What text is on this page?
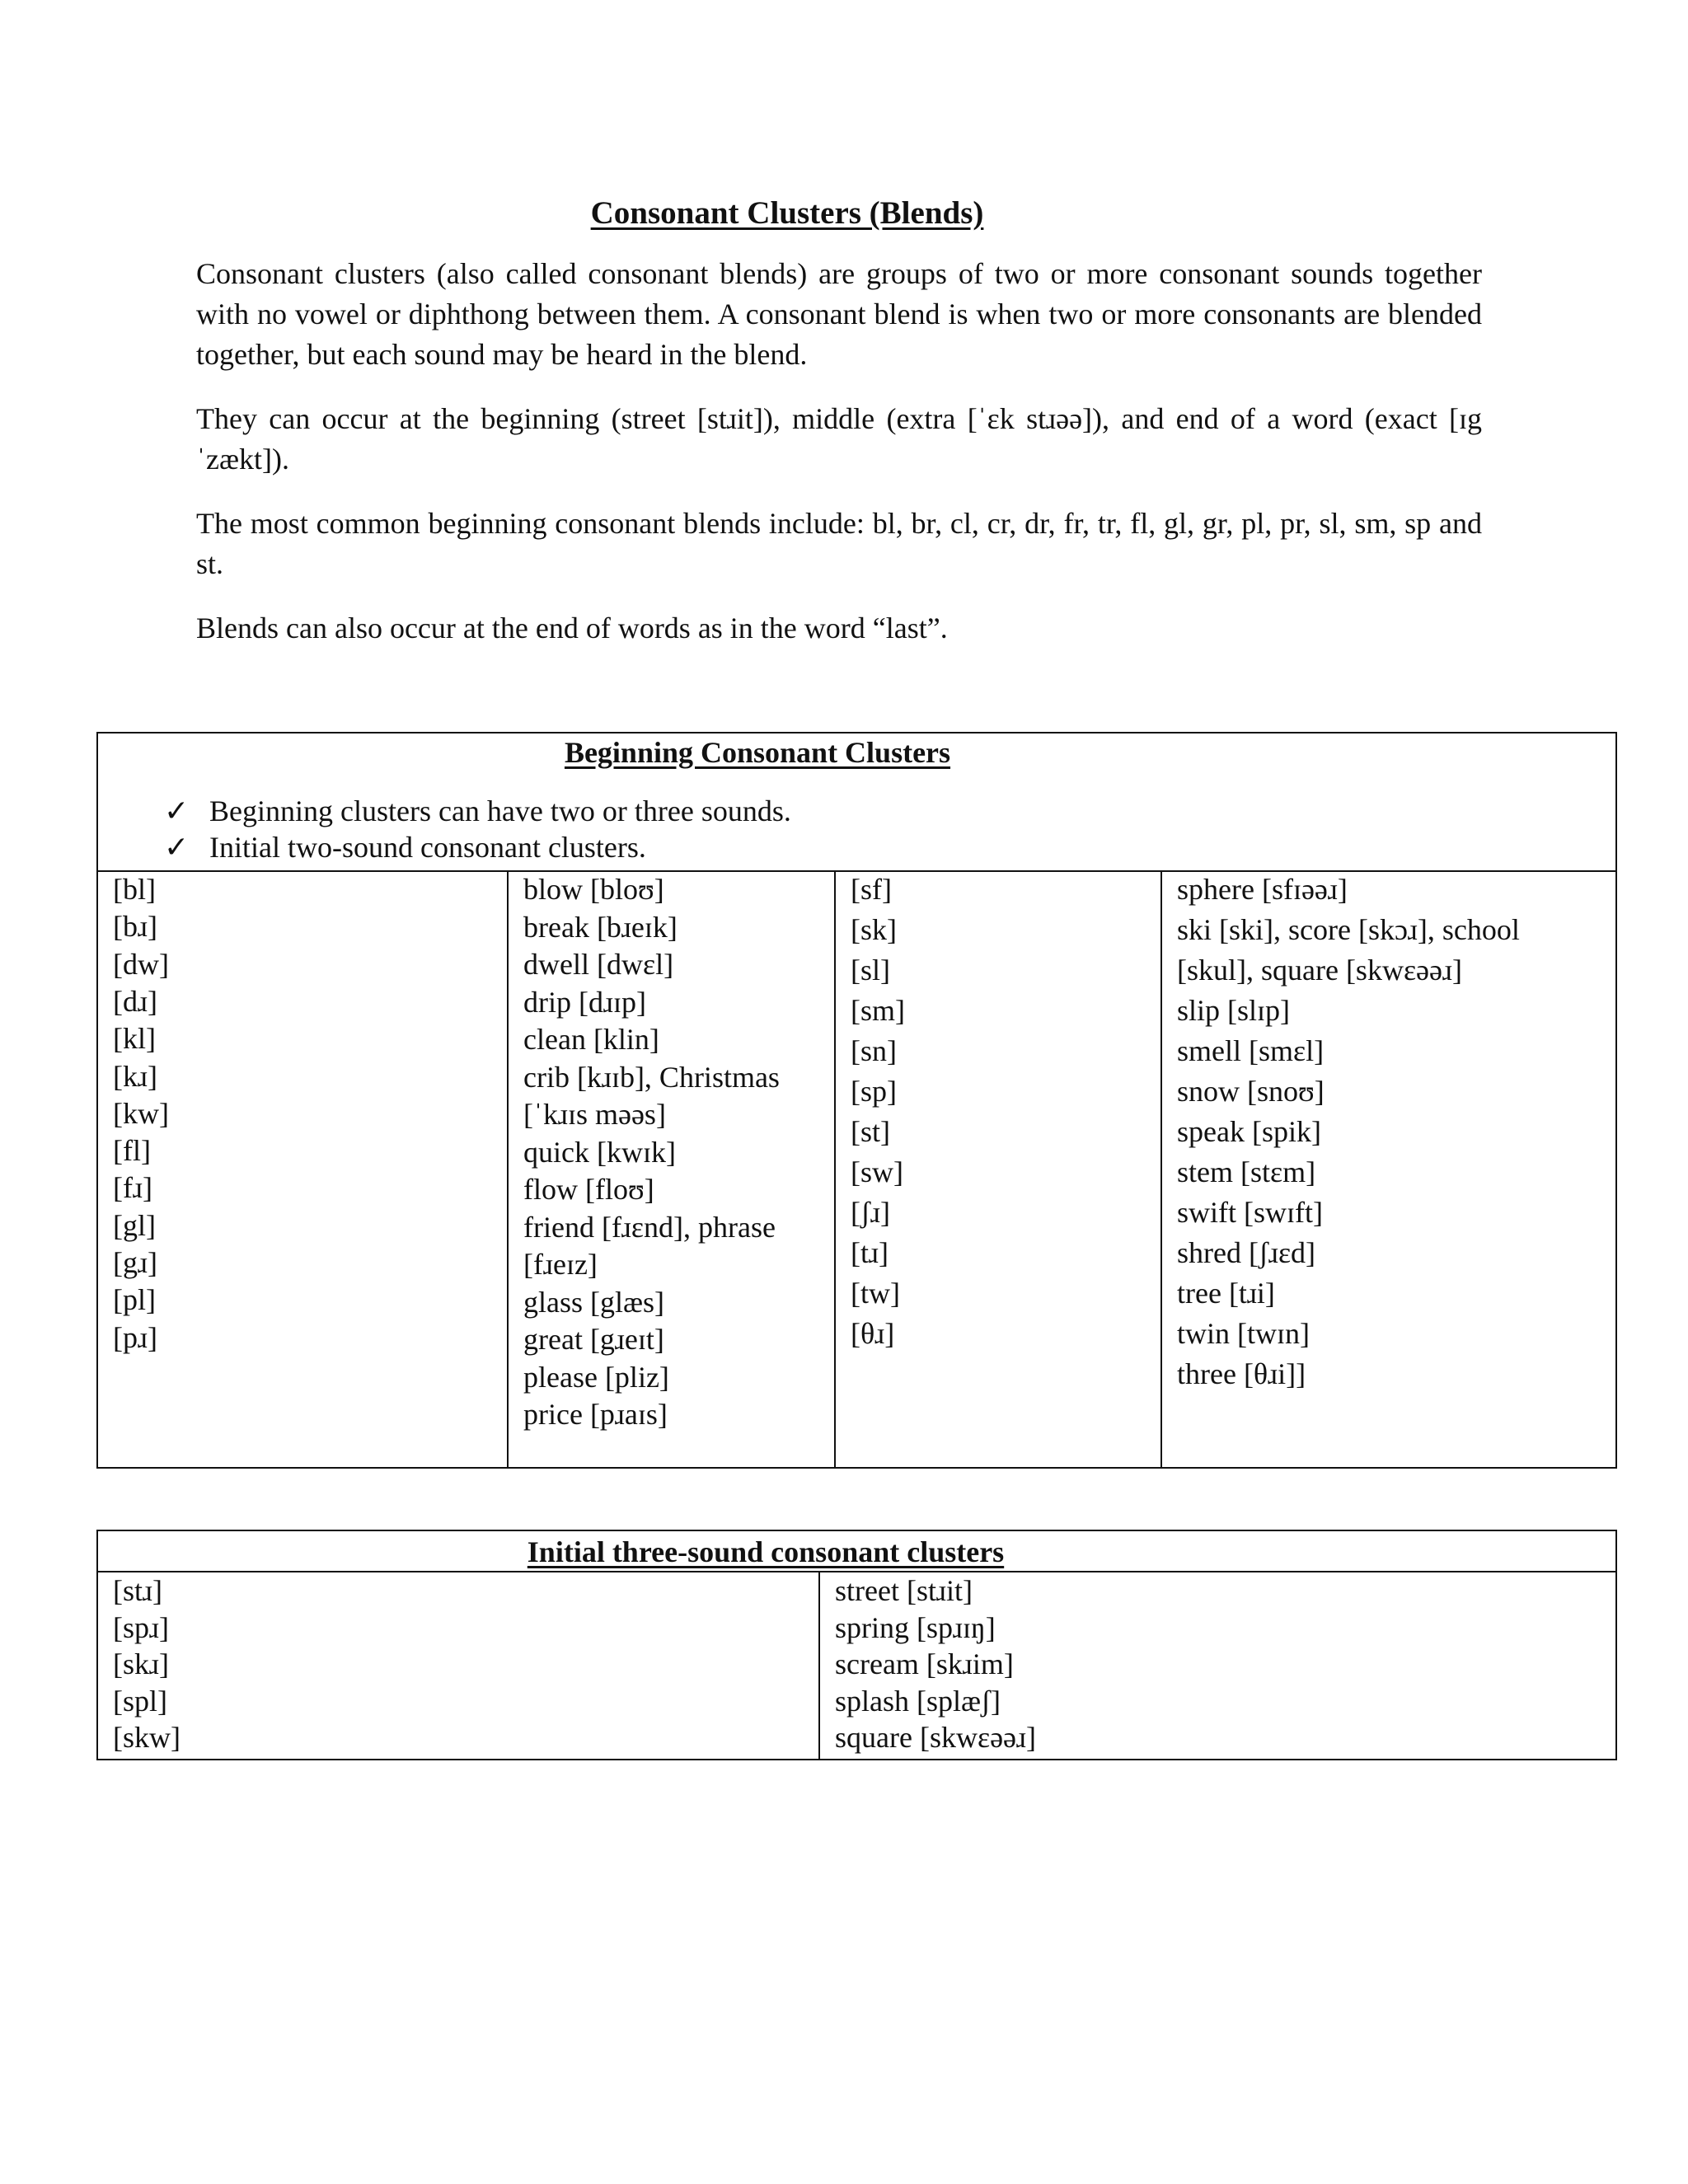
Consonant Clusters (Blends)

Consonant clusters (also called consonant blends) are groups of two or more consonant sounds together with no vowel or diphthong between them. A consonant blend is when two or more consonants are blended together, but each sound may be heard in the blend.

They can occur at the beginning (street [stɹit]), middle (extra [ˈɛk stɹəə]), and end of a word (exact [ɪgˈzækt]).

The most common beginning consonant blends include: bl, br, cl, cr, dr, fr, tr, fl, gl, gr, pl, pr, sl, sm, sp and st.

Blends can also occur at the end of words as in the word “last”.

Beginning Consonant Clusters
✓ Beginning clusters can have two or three sounds.
✓ Initial two-sound consonant clusters.
[bl]
[bɹ]
[dw]
[dɹ]
[kl]
[kɹ]
[kw]
[fl]
[fɹ]
[gl]
[gɹ]
[pl]
[pɹ]
blow [bloʊ]
break [bɹeɪk]
dwell [dwɛl]
drip [dɹɪp]
clean [klin]
crib [kɹɪb], Christmas
[ˈkɹɪs məəs]
quick [kwɪk]
flow [floʊ]
friend [fɹɛnd], phrase
[fɹeɪz]
glass [glæs]
great [gɹeɪt]
please [pliz]
price [pɹaɪs]
[sf]
[sk]
[sl]
[sm]
[sn]
[sp]
[st]
[sw]
[ʃɹ]
[tɹ]
[tw]
[θɹ]
sphere [sfɪəəɹ]
ski [ski], score [skɔɹ], school
[skul], square [skwɛəəɹ]
slip [slɪp]
smell [smɛl]
snow [snoʊ]
speak [spik]
stem [stɛm]
swift [swɪft]
shred [ʃɹɛd]
tree [tɹi]
twin [twɪn]
three [θɹi]]
Initial three-sound consonant clusters
[stɹ]
[spɹ]
[skɹ]
[spl]
[skw]
street [stɹit]
spring [spɹɪŋ]
scream [skɹim]
splash [splæʃ]
square [skwɛəəɹ]
